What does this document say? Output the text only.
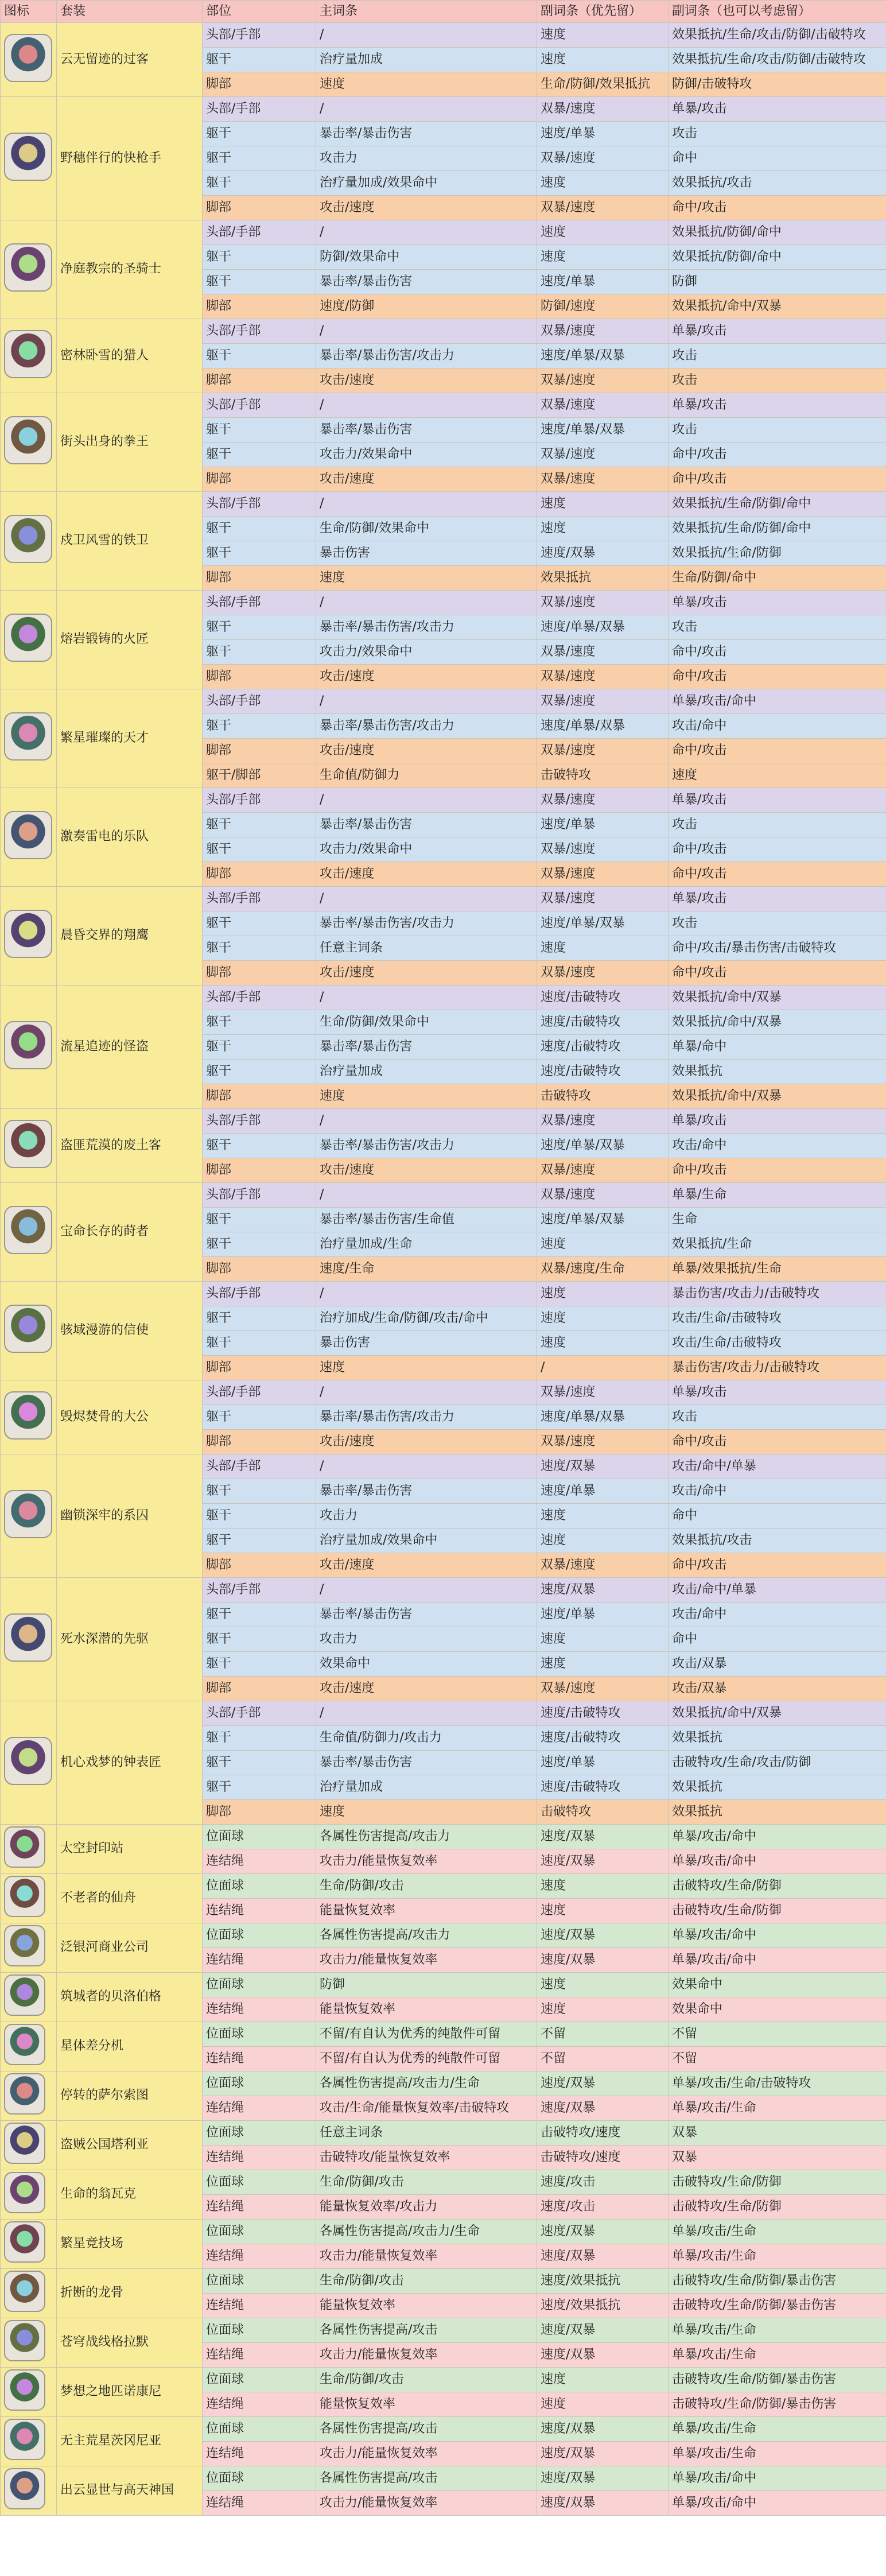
图标	套装	部位	主词条	副词条（优先留）	副词条（也可以考虑留）
	云无留迹的过客	头部/手部	/	速度	效果抵抗/生命/攻击/防御/击破特攻
		躯干	治疗量加成	速度	效果抵抗/生命/攻击/防御/击破特攻
		脚部	速度	生命/防御/效果抵抗	防御/击破特攻
	野穗伴行的快枪手	头部/手部	/	双暴/速度	单暴/攻击
		躯干	暴击率/暴击伤害	速度/单暴	攻击
		躯干	攻击力	双暴/速度	命中
		躯干	治疗量加成/效果命中	速度	效果抵抗/攻击
		脚部	攻击/速度	双暴/速度	命中/攻击
	净庭教宗的圣骑士	头部/手部	/	速度	效果抵抗/防御/命中
		躯干	防御/效果命中	速度	效果抵抗/防御/命中
		躯干	暴击率/暴击伤害	速度/单暴	防御
		脚部	速度/防御	防御/速度	效果抵抗/命中/双暴
	密林卧雪的猎人	头部/手部	/	双暴/速度	单暴/攻击
		躯干	暴击率/暴击伤害/攻击力	速度/单暴/双暴	攻击
		脚部	攻击/速度	双暴/速度	攻击
	街头出身的拳王	头部/手部	/	双暴/速度	单暴/攻击
		躯干	暴击率/暴击伤害	速度/单暴/双暴	攻击
		躯干	攻击力/效果命中	双暴/速度	命中/攻击
		脚部	攻击/速度	双暴/速度	命中/攻击
	戍卫风雪的铁卫	头部/手部	/	速度	效果抵抗/生命/防御/命中
		躯干	生命/防御/效果命中	速度	效果抵抗/生命/防御/命中
		躯干	暴击伤害	速度/双暴	效果抵抗/生命/防御
		脚部	速度	效果抵抗	生命/防御/命中
	熔岩锻铸的火匠	头部/手部	/	双暴/速度	单暴/攻击
		躯干	暴击率/暴击伤害/攻击力	速度/单暴/双暴	攻击
		躯干	攻击力/效果命中	双暴/速度	命中/攻击
		脚部	攻击/速度	双暴/速度	命中/攻击
	繁星璀璨的天才	头部/手部	/	双暴/速度	单暴/攻击/命中
		躯干	暴击率/暴击伤害/攻击力	速度/单暴/双暴	攻击/命中
		脚部	攻击/速度	双暴/速度	命中/攻击
		躯干/脚部	生命值/防御力	击破特攻	速度
	激奏雷电的乐队	头部/手部	/	双暴/速度	单暴/攻击
		躯干	暴击率/暴击伤害	速度/单暴	攻击
		躯干	攻击力/效果命中	双暴/速度	命中/攻击
		脚部	攻击/速度	双暴/速度	命中/攻击
	晨昏交界的翔鹰	头部/手部	/	双暴/速度	单暴/攻击
		躯干	暴击率/暴击伤害/攻击力	速度/单暴/双暴	攻击
		躯干	任意主词条	速度	命中/攻击/暴击伤害/击破特攻
		脚部	攻击/速度	双暴/速度	命中/攻击
	流星追迹的怪盗	头部/手部	/	速度/击破特攻	效果抵抗/命中/双暴
		躯干	生命/防御/效果命中	速度/击破特攻	效果抵抗/命中/双暴
		躯干	暴击率/暴击伤害	速度/击破特攻	单暴/命中
		躯干	治疗量加成	速度/击破特攻	效果抵抗
		脚部	速度	击破特攻	效果抵抗/命中/双暴
	盗匪荒漠的废土客	头部/手部	/	双暴/速度	单暴/攻击
		躯干	暴击率/暴击伤害/攻击力	速度/单暴/双暴	攻击/命中
		脚部	攻击/速度	双暴/速度	命中/攻击
	宝命长存的莳者	头部/手部	/	双暴/速度	单暴/生命
		躯干	暴击率/暴击伤害/生命值	速度/单暴/双暴	生命
		躯干	治疗量加成/生命	速度	效果抵抗/生命
		脚部	速度/生命	双暴/速度/生命	单暴/效果抵抗/生命
	骇域漫游的信使	头部/手部	/	速度	暴击伤害/攻击力/击破特攻
		躯干	治疗加成/生命/防御/攻击/命中	速度	攻击/生命/击破特攻
		躯干	暴击伤害	速度	攻击/生命/击破特攻
		脚部	速度	/	暴击伤害/攻击力/击破特攻
	毁烬焚骨的大公	头部/手部	/	双暴/速度	单暴/攻击
		躯干	暴击率/暴击伤害/攻击力	速度/单暴/双暴	攻击
		脚部	攻击/速度	双暴/速度	命中/攻击
	幽锁深牢的系囚	头部/手部	/	速度/双暴	攻击/命中/单暴
		躯干	暴击率/暴击伤害	速度/单暴	攻击/命中
		躯干	攻击力	速度	命中
		躯干	治疗量加成/效果命中	速度	效果抵抗/攻击
		脚部	攻击/速度	双暴/速度	命中/攻击
	死水深潜的先驱	头部/手部	/	速度/双暴	攻击/命中/单暴
		躯干	暴击率/暴击伤害	速度/单暴	攻击/命中
		躯干	攻击力	速度	命中
		躯干	效果命中	速度	攻击/双暴
		脚部	攻击/速度	双暴/速度	攻击/双暴
	机心戏梦的钟表匠	头部/手部	/	速度/击破特攻	效果抵抗/命中/双暴
		躯干	生命值/防御力/攻击力	速度/击破特攻	效果抵抗
		躯干	暴击率/暴击伤害	速度/单暴	击破特攻/生命/攻击/防御
		躯干	治疗量加成	速度/击破特攻	效果抵抗
		脚部	速度	击破特攻	效果抵抗
	太空封印站	位面球	各属性伤害提高/攻击力	速度/双暴	单暴/攻击/命中
		连结绳	攻击力/能量恢复效率	速度/双暴	单暴/攻击/命中
	不老者的仙舟	位面球	生命/防御/攻击	速度	击破特攻/生命/防御
		连结绳	能量恢复效率	速度	击破特攻/生命/防御
	泛银河商业公司	位面球	各属性伤害提高/攻击力	速度/双暴	单暴/攻击/命中
		连结绳	攻击力/能量恢复效率	速度/双暴	单暴/攻击/命中
	筑城者的贝洛伯格	位面球	防御	速度	效果命中
		连结绳	能量恢复效率	速度	效果命中
	星体差分机	位面球	不留/有自认为优秀的纯散件可留	不留	不留
		连结绳	不留/有自认为优秀的纯散件可留	不留	不留
	停转的萨尔索图	位面球	各属性伤害提高/攻击力/生命	速度/双暴	单暴/攻击/生命/击破特攻
		连结绳	攻击/生命/能量恢复效率/击破特攻	速度/双暴	单暴/攻击/生命
	盗贼公国塔利亚	位面球	任意主词条	击破特攻/速度	双暴
		连结绳	击破特攻/能量恢复效率	击破特攻/速度	双暴
	生命的翁瓦克	位面球	生命/防御/攻击	速度/攻击	击破特攻/生命/防御
		连结绳	能量恢复效率/攻击力	速度/攻击	击破特攻/生命/防御
	繁星竞技场	位面球	各属性伤害提高/攻击力/生命	速度/双暴	单暴/攻击/生命
		连结绳	攻击力/能量恢复效率	速度/双暴	单暴/攻击/生命
	折断的龙骨	位面球	生命/防御/攻击	速度/效果抵抗	击破特攻/生命/防御/暴击伤害
		连结绳	能量恢复效率	速度/效果抵抗	击破特攻/生命/防御/暴击伤害
	苍穹战线格拉默	位面球	各属性伤害提高/攻击	速度/双暴	单暴/攻击/生命
		连结绳	攻击力/能量恢复效率	速度/双暴	单暴/攻击/生命
	梦想之地匹诺康尼	位面球	生命/防御/攻击	速度	击破特攻/生命/防御/暴击伤害
		连结绳	能量恢复效率	速度	击破特攻/生命/防御/暴击伤害
	无主荒星茨冈尼亚	位面球	各属性伤害提高/攻击	速度/双暴	单暴/攻击/生命
		连结绳	攻击力/能量恢复效率	速度/双暴	单暴/攻击/生命
	出云显世与高天神国	位面球	各属性伤害提高/攻击	速度/双暴	单暴/攻击/命中
		连结绳	攻击力/能量恢复效率	速度/双暴	单暴/攻击/命中
